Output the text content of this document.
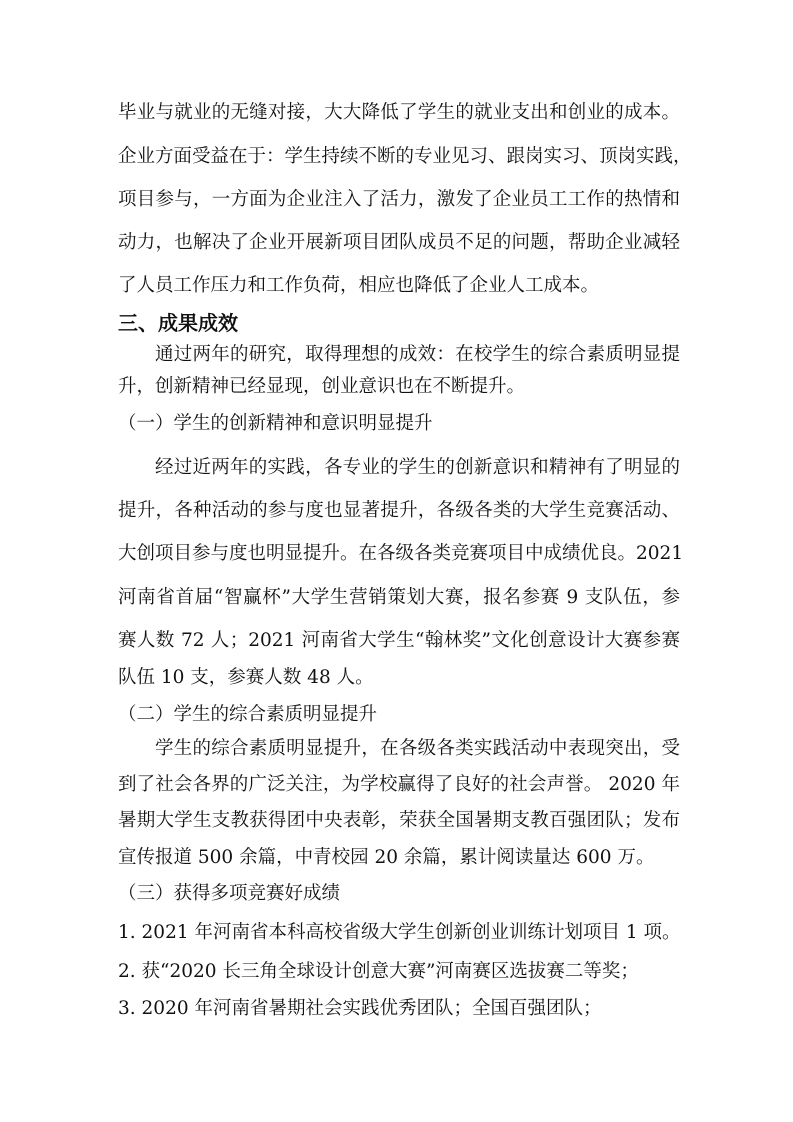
毕业与就业的无缝对接，大大降低了学生的就业支出和创业的成本。
企业方面受益在于：学生持续不断的专业见习、跟岗实习、顶岗实践，
项目参与，一方面为企业注入了活力，激发了企业员工工作的热情和
动力，也解决了企业开展新项目团队成员不足的问题，帮助企业减轻
了人员工作压力和工作负荷，相应也降低了企业人工成本。
三、成果成效
通过两年的研究，取得理想的成效：在校学生的综合素质明显提
升，创新精神已经显现，创业意识也在不断提升。
（一）学生的创新精神和意识明显提升
经过近两年的实践，各专业的学生的创新意识和精神有了明显的
提升，各种活动的参与度也显著提升，各级各类的大学生竞赛活动、
大创项目参与度也明显提升。在各级各类竞赛项目中成绩优良。2021
河南省首届“智赢杯”大学生营销策划大赛，报名参赛 9 支队伍，参
赛人数 72 人；2021 河南省大学生“翰林奖”文化创意设计大赛参赛
队伍 10 支，参赛人数 48 人。
（二）学生的综合素质明显提升
学生的综合素质明显提升，在各级各类实践活动中表现突出，受
到了社会各界的广泛关注，为学校赢得了良好的社会声誉。 2020 年
暑期大学生支教获得团中央表彰，荣获全国暑期支教百强团队；发布
宣传报道 500 余篇，中青校园 20 余篇，累计阅读量达 600 万。
（三）获得多项竞赛好成绩
1. 2021 年河南省本科高校省级大学生创新创业训练计划项目 1 项。
2. 获“2020 长三角全球设计创意大赛”河南赛区选拔赛二等奖；
3. 2020 年河南省暑期社会实践优秀团队；全国百强团队；
